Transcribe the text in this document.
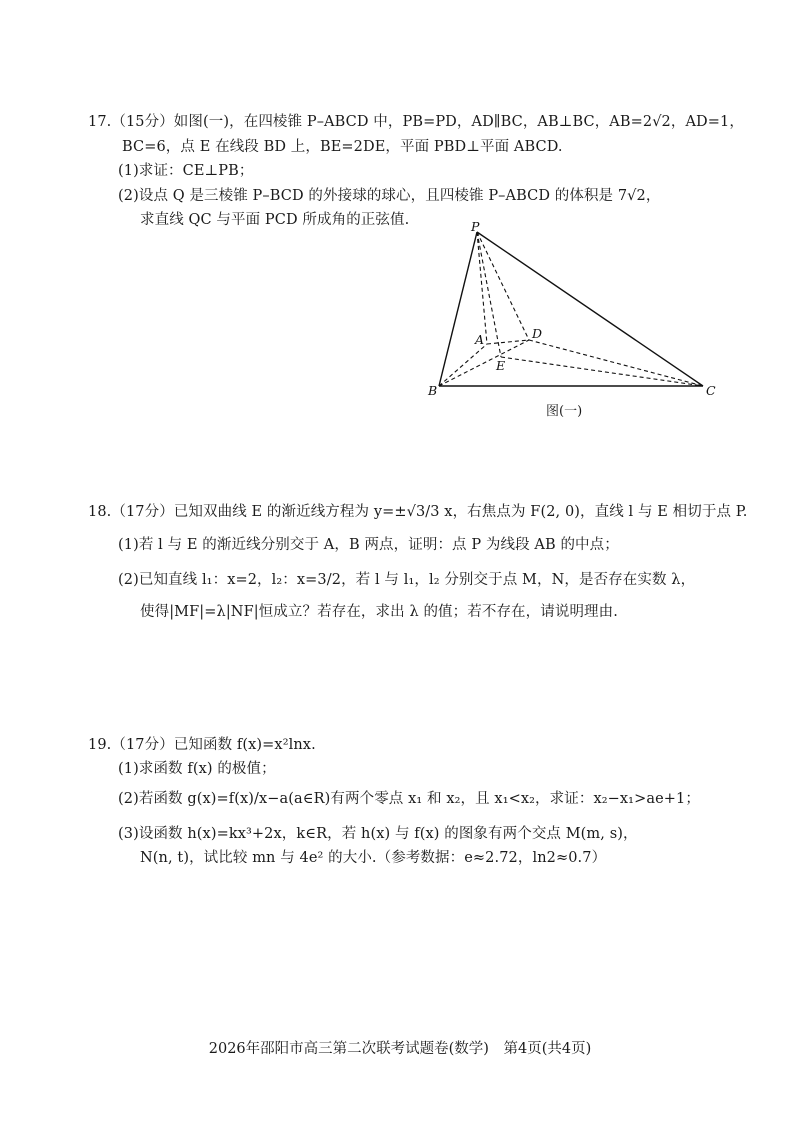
17.（15分）如图(一)，在四棱锥 P–ABCD 中，PB=PD，AD∥BC，AB⊥BC，AB=2√2，AD=1，
BC=6，点 E 在线段 BD 上，BE=2DE，平面 PBD⊥平面 ABCD.
(1)求证：CE⊥PB；
(2)设点 Q 是三棱锥 P–BCD 的外接球的球心，且四棱锥 P–ABCD 的体积是 7√2，
求直线 QC 与平面 PCD 所成角的正弦值.	P
A	D
E
B	C
图(一)
18.（17分）已知双曲线 E 的渐近线方程为 y=±√3/3 x，右焦点为 F(2, 0)，直线 l 与 E 相切于点 P.
(1)若 l 与 E 的渐近线分别交于 A，B 两点，证明：点 P 为线段 AB 的中点；
(2)已知直线 l₁：x=2，l₂：x=3/2，若 l 与 l₁，l₂ 分别交于点 M，N，是否存在实数 λ，
使得|MF|=λ|NF|恒成立？若存在，求出 λ 的值；若不存在，请说明理由.
19.（17分）已知函数 f(x)=x²lnx.
(1)求函数 f(x) 的极值；
(2)若函数 g(x)=f(x)/x−a(a∈R)有两个零点 x₁ 和 x₂，且 x₁<x₂，求证：x₂−x₁>ae+1；
(3)设函数 h(x)=kx³+2x，k∈R，若 h(x) 与 f(x) 的图象有两个交点 M(m, s)，
N(n, t)，试比较 mn 与 4e² 的大小.（参考数据：e≈2.72，ln2≈0.7）
2026年邵阳市高三第二次联考试题卷(数学)　第4页(共4页)
